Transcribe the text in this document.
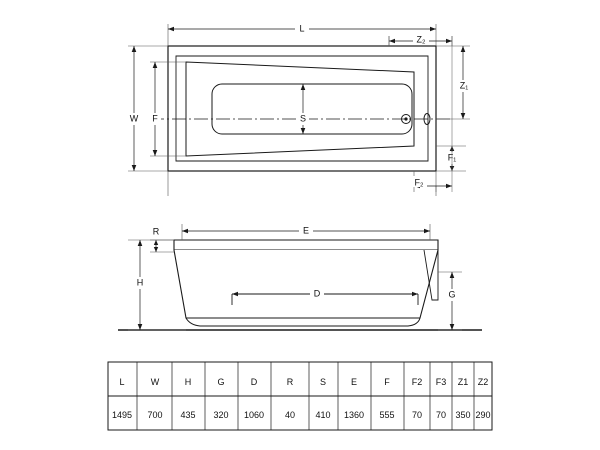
L
W F	S
Z₂
Z₁
F₁
F₂
R	E
H
D	G
L	W	H	G	D	R	S	E	F F2 F3 Z1 Z2
1495 700 435 320 1060 40 410 1360 555 70 70 350 290
